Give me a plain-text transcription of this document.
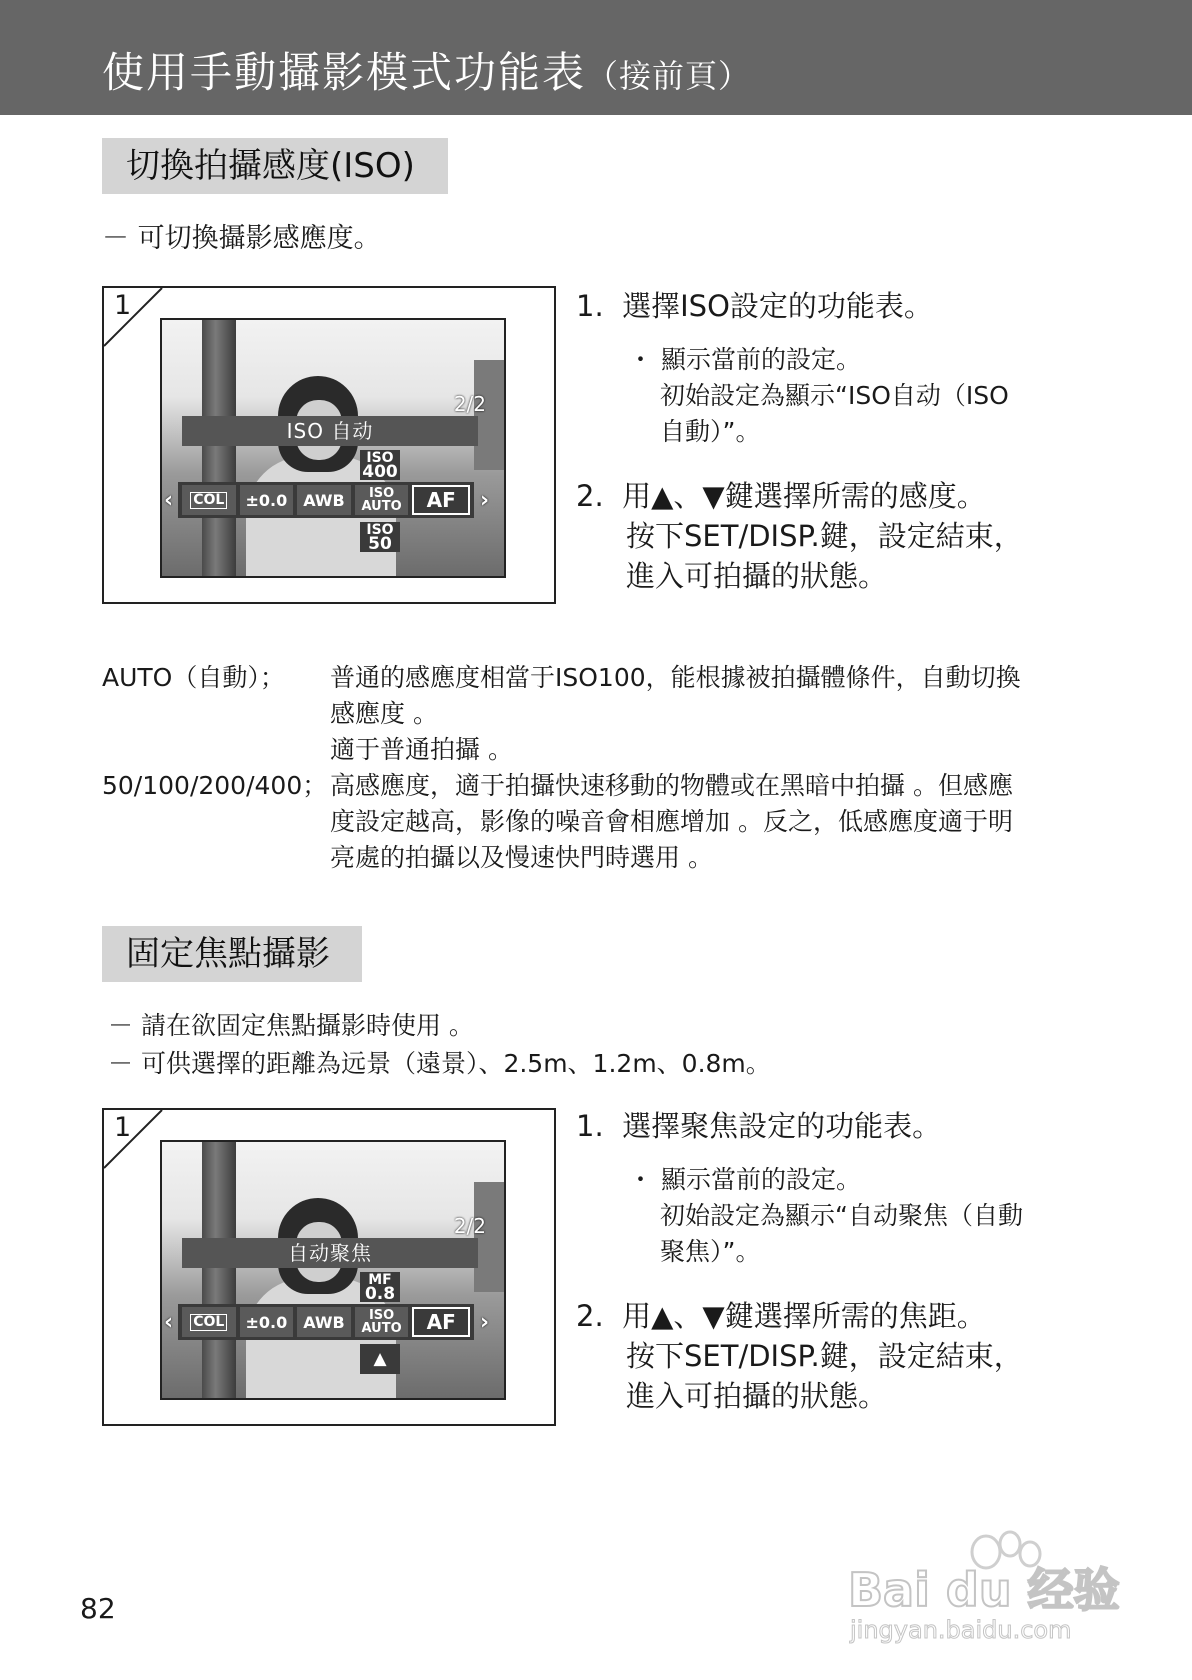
使用手動攝影模式功能表（接前頁）
切換拍攝感度(ISO)
－ 可切換攝影感應度。
1
2/2
ISO 自动
ISO
400
‹ COL	±0.0 AWB	ISO AUTO	AF	›
ISO
50
1. 選擇ISO設定的功能表。
・ 顯示當前的設定。
初始設定為顯示“ISO自动（ISO
自動）”。
2. 用▲、▼鍵選擇所需的感度。
按下SET/DISP.鍵，設定結束，
進入可拍攝的狀態。
AUTO（自動）； 普通的感應度相當于ISO100，能根據被拍攝體條件，自動切換
感應度 。
適于普通拍攝 。
50/100/200/400； 高感應度，適于拍攝快速移動的物體或在黑暗中拍攝 。但感應
度設定越高，影像的噪音會相應增加 。反之，低感應度適于明
亮處的拍攝以及慢速快門時選用 。
固定焦點攝影
－ 請在欲固定焦點攝影時使用 。
－ 可供選擇的距離為远景（遠景）、2.5m、1.2m、0.8m。
1
2/2
自动聚焦
MF
0.8
‹ COL	±0.0 AWB	ISO AUTO	AF	›
▲
1. 選擇聚焦設定的功能表。
・ 顯示當前的設定。
初始設定為顯示“自动聚焦（自動
聚焦）”。
2. 用▲、▼鍵選擇所需的焦距。
按下SET/DISP.鍵，設定結束，
進入可拍攝的狀態。
82	Bai du 经验
jingyan.baidu.com
